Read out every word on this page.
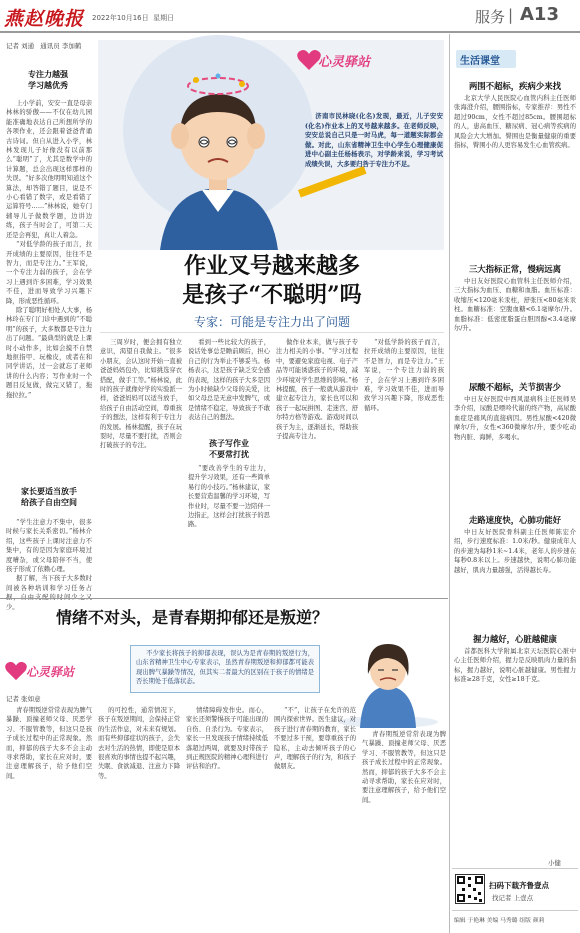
燕赵晚报 2022年10月16日 星期日	服务 | A13
记者 刘通 通讯员 李加鹤
专注力越强
学习越优秀

上小学前，安安一直是母亲林林的骄傲——不仅在幼儿园能准确地表达自己所想所学的各项作业，还会跟着爸爸背诵古诗词。但自从进入小学，林林发现儿子好像没有以前那么“聪明”了，尤其是数学中的计算题，总会出现这样那样的失误。“好多次他明明知道这个算法，却答错了题目，说是不小心看错了数字，或是看错了运算符号……”林林说，她专门辅导儿子做数学题，边讲边练，孩子当时会了，可第二天还是会再犯，真让人着急。

“对低学龄的孩子而言，拉开成绩的主要原因，往往不是智力，而是专注力。”王军说，一个专注力弱的孩子，会在学习上遇到许多困难，学习效果不佳，进而导致学习兴趣下降，形成恶性循环。

除了聪明好相处人大事，杨林玲在专门门诊中遇到的“不聪明”的孩子，大多数都是专注力出了问题。“最典型的就是上课时小动作多，比如会摸不自禁地抠指甲、玩橡皮，或者在和同学讲话，过一会就忘了老师讲的什么内容；写作业时一个题目反复做，做完又错了，拖拖拉拉。”

家长要适当放手
给孩子自由空间

“学生注意力不集中，很多时候与家长关系密切。”杨林介绍，这些孩子上课时注意力不集中，有的是因为家庭环境过度嘈杂，或父母陪伴不当，使孩子形成了依赖心理。

据了解，当下孩子大多数时间被各种培训和学习任务占 少。

心灵驿站
济南市民林晓(化名)发现，最近，儿子安安(化名)作业本上的叉号越来越多。在老师反映，安安总说自己只是一时马虎，每一道题实际都会做。对此，山东省精神卫生中心学生心理健康促进中心副主任杨杨表示，对学龄来说，学习考试成绩失误，大多要归咎于专注力不足。
作业叉号越来越多
是孩子“不聪明”吗
专家：可能是专注力出了问题
三周岁时，便会拥有独立意识，渴望自我做主。“很多小朋友，会认这时开始一直被爸爸妈妈包办，比如挑选穿衣搭配，做手工等。”杨林说，此时的孩子就像好学的实验派一样，爸爸妈妈可以适当放手，给孩子自由活动空间，尊重孩子的想法，这样有利于专注力的发展。杨林提醒，孩子在玩耍时，尽量不要打扰，否则会打破孩子的专注。
看到一些比较大的孩子，说话处事总是瞻前顾后，担心自己的行为举止不够妥当。杨杨表示，这是孩子缺乏安全感的表现，这样的孩子大多是因为小时候缺少父母的关爱，比如父母总是无意中发脾气，或是情绪不稳定，导致孩子不敢表达自己的想法。
孩子写作业
不要常打扰
“要改善学生的专注力，提升学习效果，还有一些简单易行的小技巧。”杨林建议，家长要营造温馨的学习环境，写作业时，尽量不要一边陪伴一边指正，这样会打扰孩子的思路。
做作业本来，做与孩子专注力相关的小事。“学习过程中，要避免家庭电视、电子产品等可能诱惑孩子的环境，减少环境对学生思维的影响。”杨林提醒，孩子一般就从游戏中建立起专注力，家长也可以和孩子一起玩拼图、走迷宫、舒尔特方格等游戏。游戏时间以孩子为主，逐渐延长，帮助孩子提高专注力。

“对低学龄的孩子而言，拉开成绩的主要原因，往往不是智力，而是专注力。”王军说，一个专注力弱的孩子，会在学习上遇到许多困难，学习效果不佳，进而导致学习兴趣下降，形成恶性循环。

情绪不对头，是青春期抑郁还是叛逆？
心灵驿站
记者 张如意
不少家长将孩子的抑郁表现，误认为是青春期的叛逆行为，山东省精神卫生中心专家表示，虽然青春期叛逆和抑郁都可能表现出脾气暴躁等情况，但其实二者最大的区别在于孩子的情绪是否长期处于低落状态。
青春期叛逆常常表现为脾气暴躁、顶撞老师父母、厌恶学习、不服管教等，但这只是孩子成长过程中的正常现象。然而，抑郁的孩子大多不会主动寻求帮助，家长在应对时，要注意理解孩子，给予他们空间。
的可控性，通常情况下，孩子在叛逆期间，会保持正常的生活作息，对未来有规划。而有些抑郁症状的孩子，会失去对生活的热情，即使是原本很喜欢的事情也提不起兴趣，失眠、食欲减退、注意力下降等。
情绪障碍发作史。而心，家长还须警惕孩子可能出现的自伤、自杀行为。专家表示，家长一旦发现孩子情绪持续低落超过两周，就要及时带孩子到正规医院的精神心理科进行评估和治疗。
“不”，让孩子在允许的范围内探索世界。医生建议，对孩子进行青春期的教育，家长不要过多干预，要尊重孩子的隐私，主动去倾听孩子的心声，理解孩子的行为，和孩子做朋友。

青春期叛逆常常表现为脾气暴躁、顶撞老师父母、厌恶学习、不服管教等，但这只是孩子成长过程中的正常现象。然而，抑郁的孩子大多不会主动寻求帮助，家长在应对时，要注意理解孩子，给予他们空间。

生活课堂
两围不超标，疾病少来找
北京大学人民医院心血管内科主任医师张海澄介绍，腰围指标，专家推荐：男性不超过90cm，女性不超过85cm。腰围超标的人，患高血压、糖尿病、冠心病等疾病的风险会大大增加。臀围也是衡量健康的重要指标，臀围小的人更容易发生心血管疾病。
三大指标正常，慢病远离
中日友好医院心血管科主任医师介绍，三大指标为血压、血糖和血脂。血压标准：收缩压<120毫米汞柱，舒张压<80毫米汞柱。血糖标准：空腹血糖<6.1毫摩尔/升。血脂标准：低密度脂蛋白胆固醇<3.4毫摩尔/升。
尿酸不超标，关节损害少
中日友好医院中西风湿病科主任医师吴李介绍，尿酸是嘌呤代谢的终产物，高尿酸血症是痛风的直接病因。男性尿酸<420微摩尔/升，女性<360微摩尔/升，要少吃动物内脏、海鲜，多喝水。
走路速度快，心肺功能好
中日友好医院骨科副主任医师陈宏介绍，步行速度标准：1.0米/秒。健康成年人的步速为每秒1米~1.4米，老年人的步速在每秒0.8米以上。步速越快，说明心肺功能越好，肌肉力量越强，活得越长寿。
握力越好，心脏越健康
首都医科大学附属北京天坛医院心脏中心主任医师介绍，握力是反映肌肉力量的指标，握力越好，说明心脏越健康。男性握力标准≥28千克，女性≥18千克。
小健
扫码下载齐鲁壹点
找记者 上壹点
编辑 于艳琳 美编 马秀璐 组版 颜莉
